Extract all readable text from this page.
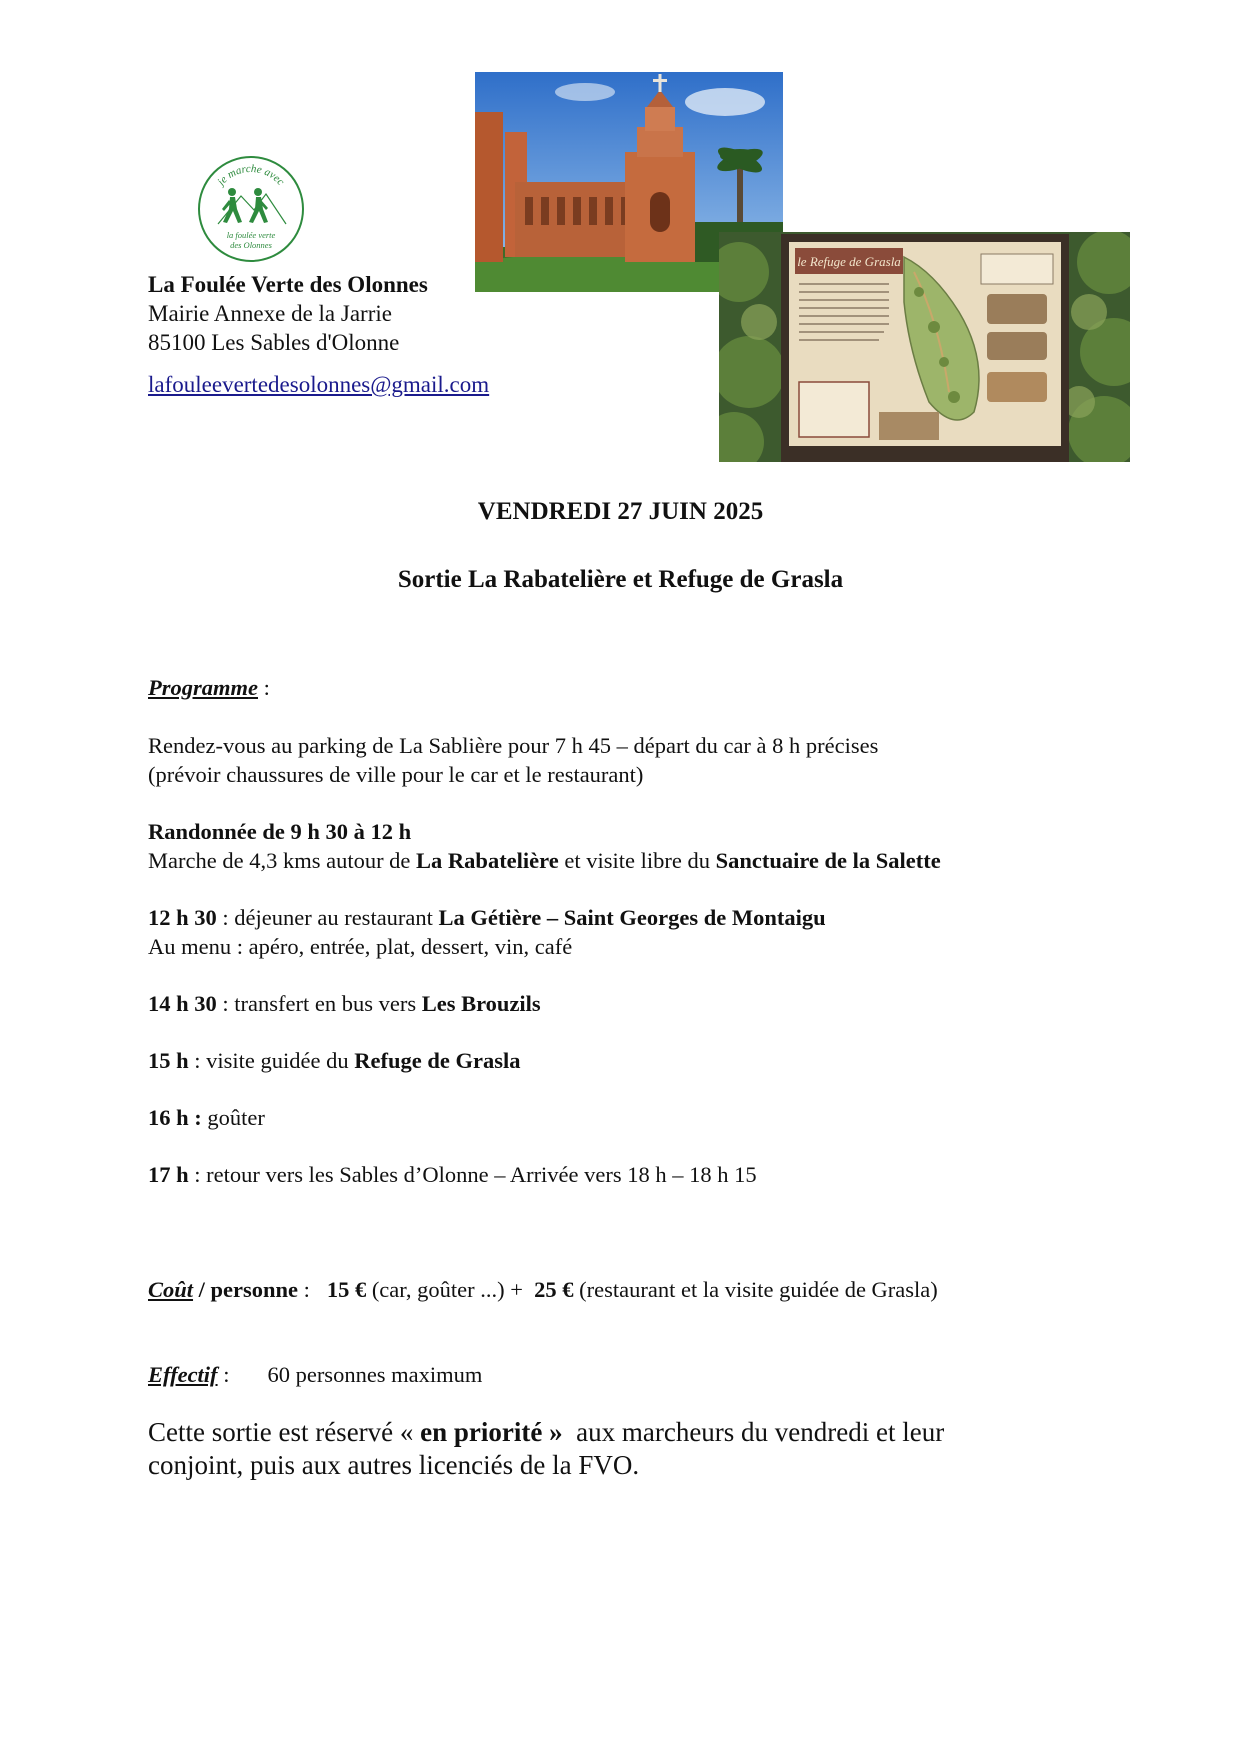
je marche avec
la foulée verte
des Olonnes
La Foulée Verte des Olonnes
Mairie Annexe de la Jarrie
85100 Les Sables d'Olonne
lafouleevertedesolonnes@gmail.com
le Refuge de Grasla
VENDREDI 27 JUIN 2025
Sortie La Rabatelière et Refuge de Grasla
Programme :
Rendez-vous au parking de La Sablière pour 7 h 45 – départ du car à 8 h précises
(prévoir chaussures de ville pour le car et le restaurant)
Randonnée de 9 h 30 à 12 h
Marche de 4,3 kms autour de La Rabatelière et visite libre du Sanctuaire de la Salette
12 h 30 : déjeuner au restaurant La Gétière – Saint Georges de Montaigu
Au menu : apéro, entrée, plat, dessert, vin, café
14 h 30 : transfert en bus vers Les Brouzils
15 h : visite guidée du Refuge de Grasla
16 h : goûter
17 h : retour vers les Sables d’Olonne – Arrivée vers 18 h – 18 h 15
Coût / personne :   15 € (car, goûter ...) +  25 € (restaurant et la visite guidée de Grasla)
Effectif : 60 personnes maximum
Cette sortie est réservé « en priorité »  aux marcheurs du vendredi et leur
conjoint, puis aux autres licenciés de la FVO.
